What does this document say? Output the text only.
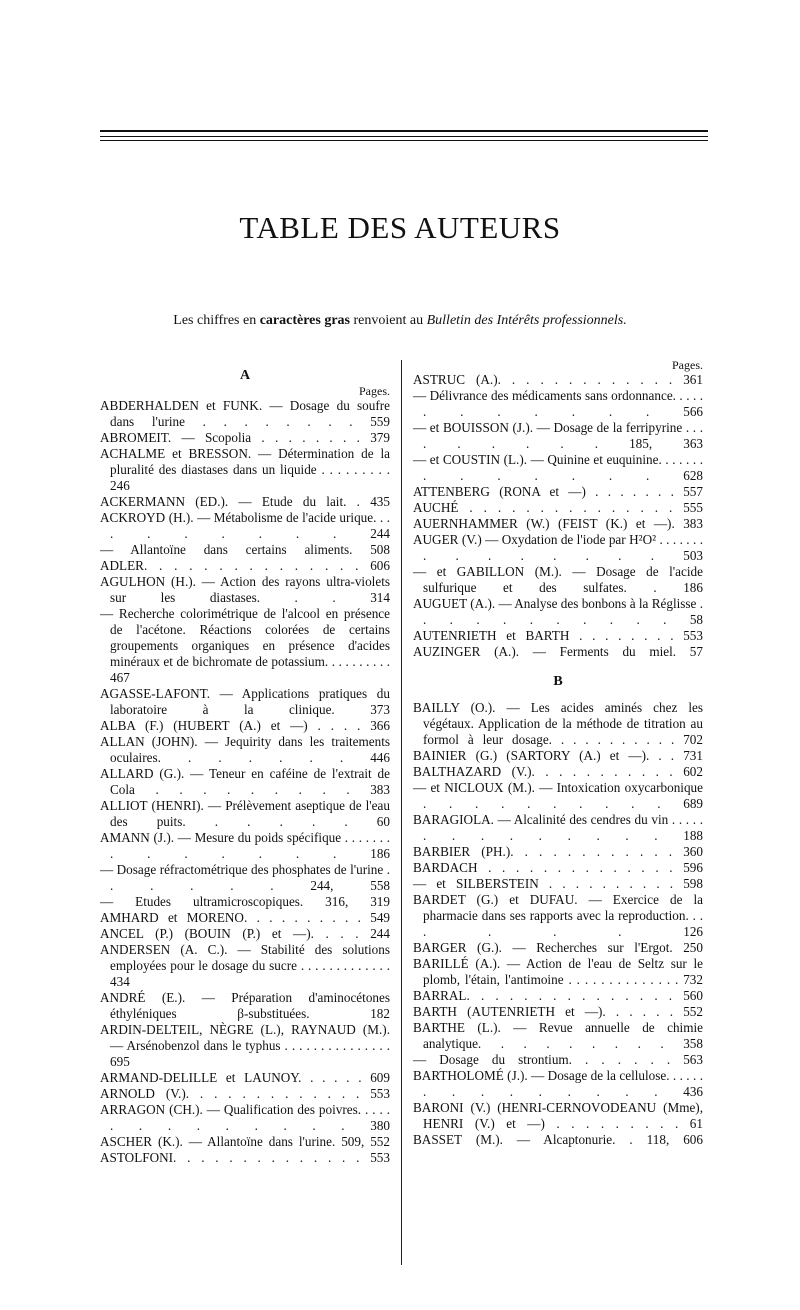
TABLE DES AUTEURS
Les chiffres en caractères gras renvoient au Bulletin des Intérêts professionnels.

A

Pages.

ABDERHALDEN et FUNK. — Dosage du soufre dans l'urine . . . . . . . . 559

ABROMEIT. — Scopolia . . . . . . . . 379

ACHALME et BRESSON. — Détermination de la pluralité des diastases dans un liquide . . . . . . . . . 246

ACKERMANN (ED.). — Etude du lait. . 435

ACKROYD (H.). — Métabolisme de l'acide urique. . . . . . . . . . 244

— Allantoïne dans certains aliments. 508

ADLER. . . . . . . . . . . . . . . 606

AGULHON (H.). — Action des rayons ultra-violets sur les diastases. . . 314

— Recherche colorimétrique de l'alcool en présence de l'acétone. Réactions colorées de certains groupements organiques en présence d'acides minéraux et de bichromate de potassium. . . . . . . . . . 467

AGASSE-LAFONT. — Applications pratiques du laboratoire à la clinique. 373

ALBA (F.) (HUBERT (A.) et —) . . . . 366

ALLAN (JOHN). — Jequirity dans les traitements oculaires. . . . . . . 446

ALLARD (G.). — Teneur en caféine de l'extrait de Cola . . . . . . . . . 383

ALLIOT (HENRI). — Prélèvement aseptique de l'eau des puits. . . . . . 60

AMANN (J.). — Mesure du poids spécifique . . . . . . . . . . . . . . 186

— Dosage réfractométrique des phosphates de l'urine . . . . . . 244, 558

— Etudes ultramicroscopiques. 316, 319

AMHARD et MORENO. . . . . . . . . . 549

ANCEL (P.) (BOUIN (P.) et —). . . . 244

ANDERSEN (A. C.). — Stabilité des solutions employées pour le dosage du sucre . . . . . . . . . . . . . 434

ANDRÉ (E.). — Préparation d'aminocétones éthyléniques β-substituées. 182

ARDIN-DELTEIL, NÈGRE (L.), RAYNAUD (M.). — Arsénobenzol dans le typhus . . . . . . . . . . . . . . . 695

ARMAND-DELILLE et LAUNOY. . . . . . 609

ARNOLD (V.). . . . . . . . . . . . . 553

ARRAGON (CH.). — Qualification des poivres. . . . . . . . . . . . . . 380

ASCHER (K.). — Allantoïne dans l'urine. 509, 552

ASTOLFONI. . . . . . . . . . . . . . 553

Pages.

ASTRUC (A.). . . . . . . . . . . . . 361

— Délivrance des médicaments sans ordonnance. . . . . . . . . . . . 566

— et BOUISSON (J.). — Dosage de la ferripyrine . . . . . . . . . 185, 363

— et COUSTIN (L.). — Quinine et euquinine. . . . . . . . . . . . . . 628

ATTENBERG (RONA et —) . . . . . . . 557

AUCHÉ . . . . . . . . . . . . . . . 555

AUERNHAMMER (W.) (FEIST (K.) et —). 383

AUGER (V.) — Oxydation de l'iode par H²O² . . . . . . . . . . . . . . . 503

— et GABILLON (M.). — Dosage de l'acide sulfurique et des sulfates. . 186

AUGUET (A.). — Analyse des bonbons à la Réglisse . . . . . . . . . . . 58

AUTENRIETH et BARTH . . . . . . . . 553

AUZINGER (A.). — Ferments du miel. 57

B

BAILLY (O.). — Les acides aminés chez les végétaux. Application de la méthode de titration au formol à leur dosage. . . . . . . . . . . 702

BAINIER (G.) (SARTORY (A.) et —). . . 731

BALTHAZARD (V.). . . . . . . . . . . 602

— et NICLOUX (M.). — Intoxication oxycarbonique . . . . . . . . . . 689

BARAGIOLA. — Alcalinité des cendres du vin . . . . . . . . . . . . . . 188

BARBIER (PH.). . . . . . . . . . . . 360

BARDACH . . . . . . . . . . . . . . 596

— et SILBERSTEIN . . . . . . . . . . 598

BARDET (G.) et DUFAU. — Exercice de la pharmacie dans ses rapports avec la reproduction. . . . . . . 126

BARGER (G.). — Recherches sur l'Ergot. 250

BARILLÉ (A.). — Action de l'eau de Seltz sur le plomb, l'étain, l'antimoine . . . . . . . . . . . . . . 732

BARRAL. . . . . . . . . . . . . . . 560

BARTH (AUTENRIETH et —). . . . . . 552

BARTHE (L.). — Revue annuelle de chimie analytique. . . . . . . . . 358

— Dosage du strontium. . . . . . . 563

BARTHOLOMÉ (J.). — Dosage de la cellulose. . . . . . . . . . . . . . . 436

BARONI (V.) (HENRI-CERNOVODEANU (Mme), HENRI (V.) et —) . . . . . . . . . 61

BASSET (M.). — Alcaptonurie. . 118, 606
